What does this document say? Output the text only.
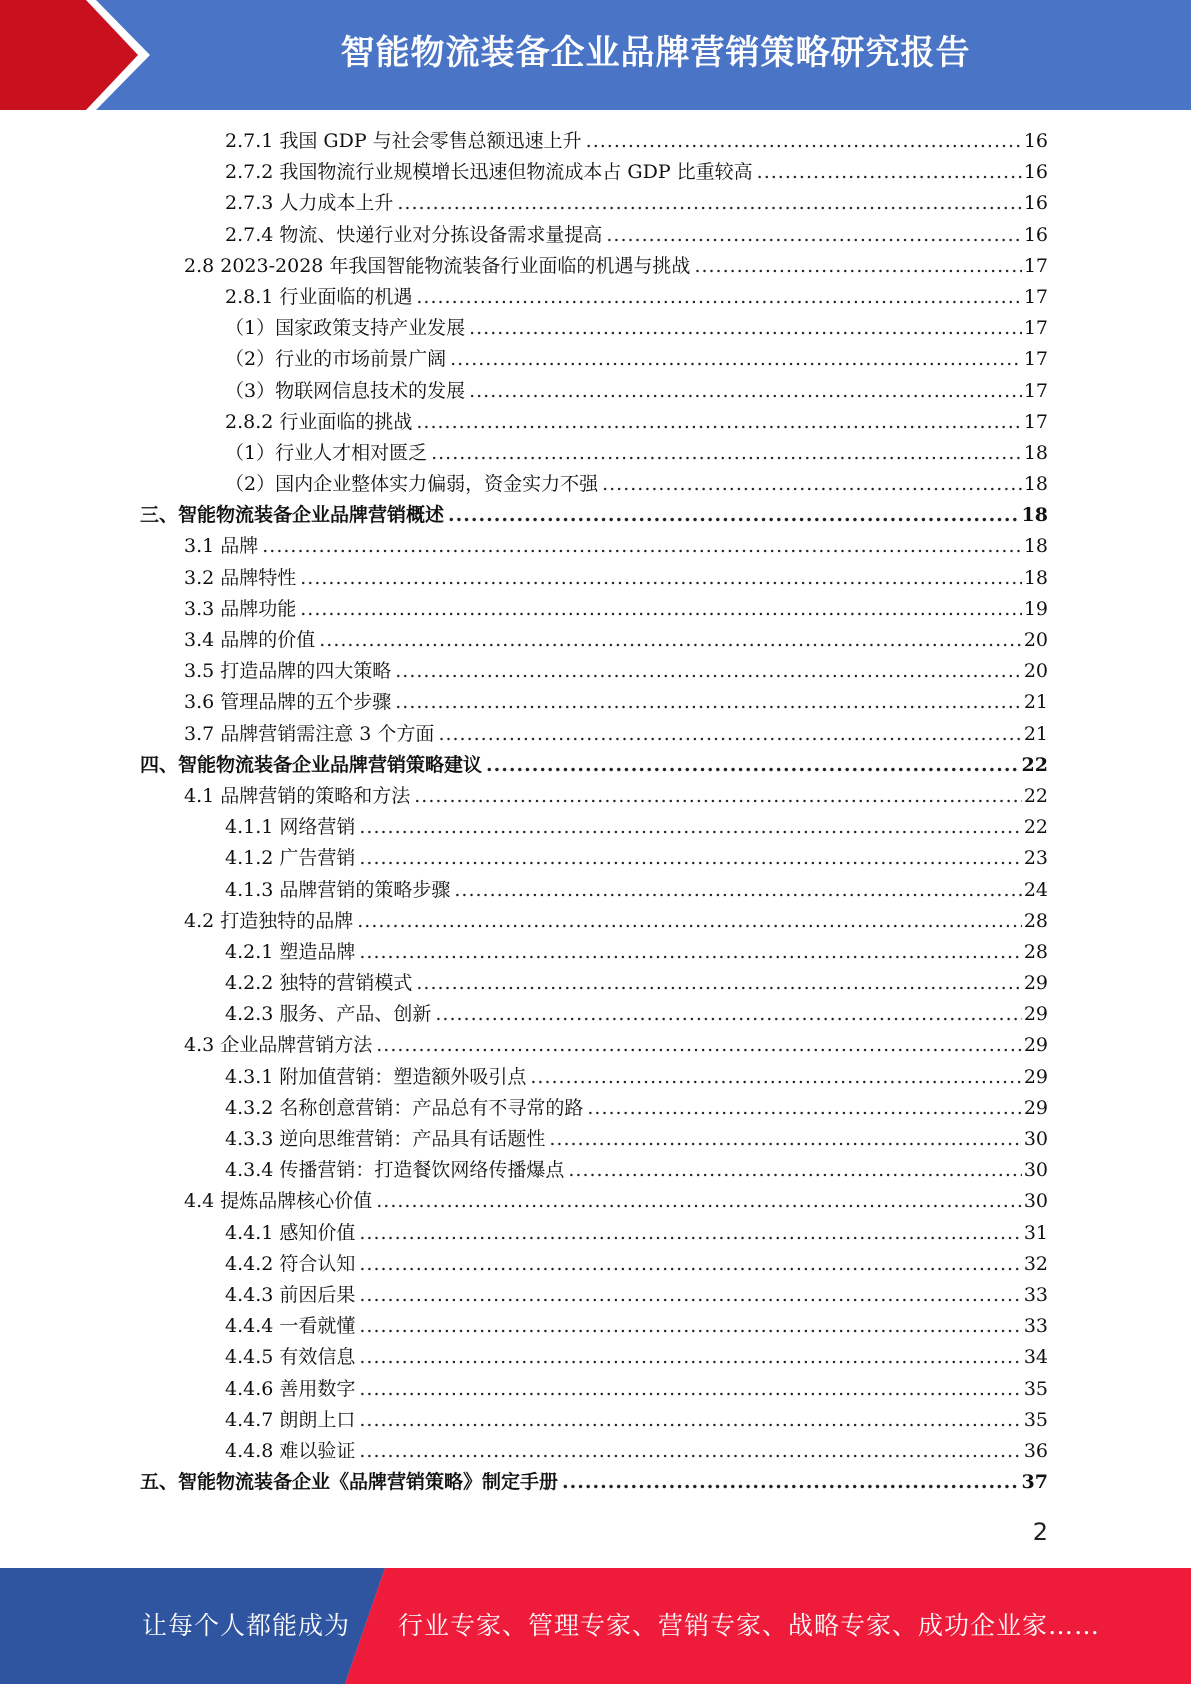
智能物流装备企业品牌营销策略研究报告
2.7.1 我国 GDP 与社会零售总额迅速上升 .....	16
2.7.2 我国物流行业规模增长迅速但物流成本占 GDP 比重较高 .....	16
2.7.3 人力成本上升 .....	16
2.7.4 物流、快递行业对分拣设备需求量提高 .....	16
2.8 2023-2028 年我国智能物流装备行业面临的机遇与挑战 .....	17
2.8.1 行业面临的机遇 .....	17
（1）国家政策支持产业发展 .....	17
（2）行业的市场前景广阔 .....	17
（3）物联网信息技术的发展 .....	17
2.8.2 行业面临的挑战 .....	17
（1）行业人才相对匮乏 .....	18
（2）国内企业整体实力偏弱，资金实力不强 .....	18
三、智能物流装备企业品牌营销概述 .....	18
3.1 品牌 .....	18
3.2 品牌特性 .....	18
3.3 品牌功能 .....	19
3.4 品牌的价值 .....	20
3.5 打造品牌的四大策略 .....	20
3.6 管理品牌的五个步骤 .....	21
3.7 品牌营销需注意 3 个方面 .....	21
四、智能物流装备企业品牌营销策略建议 .....	22
4.1 品牌营销的策略和方法 .....	22
4.1.1 网络营销 .....	22
4.1.2 广告营销 .....	23
4.1.3 品牌营销的策略步骤 .....	24
4.2 打造独特的品牌 .....	28
4.2.1 塑造品牌 .....	28
4.2.2 独特的营销模式 .....	29
4.2.3 服务、产品、创新 .....	29
4.3 企业品牌营销方法 .....	29
4.3.1 附加值营销：塑造额外吸引点 .....	29
4.3.2 名称创意营销：产品总有不寻常的路 .....	29
4.3.3 逆向思维营销：产品具有话题性 .....	30
4.3.4 传播营销：打造餐饮网络传播爆点 .....	30
4.4 提炼品牌核心价值 .....	30
4.4.1 感知价值 .....	31
4.4.2 符合认知 .....	32
4.4.3 前因后果 .....	33
4.4.4 一看就懂 .....	33
4.4.5 有效信息 .....	34
4.4.6 善用数字 .....	35
4.4.7 朗朗上口 .....	35
4.4.8 难以验证 .....	36
五、智能物流装备企业《品牌营销策略》制定手册 .....	37
2
让每个人都能成为 行业专家、管理专家、营销专家、战略专家、成功企业家……
